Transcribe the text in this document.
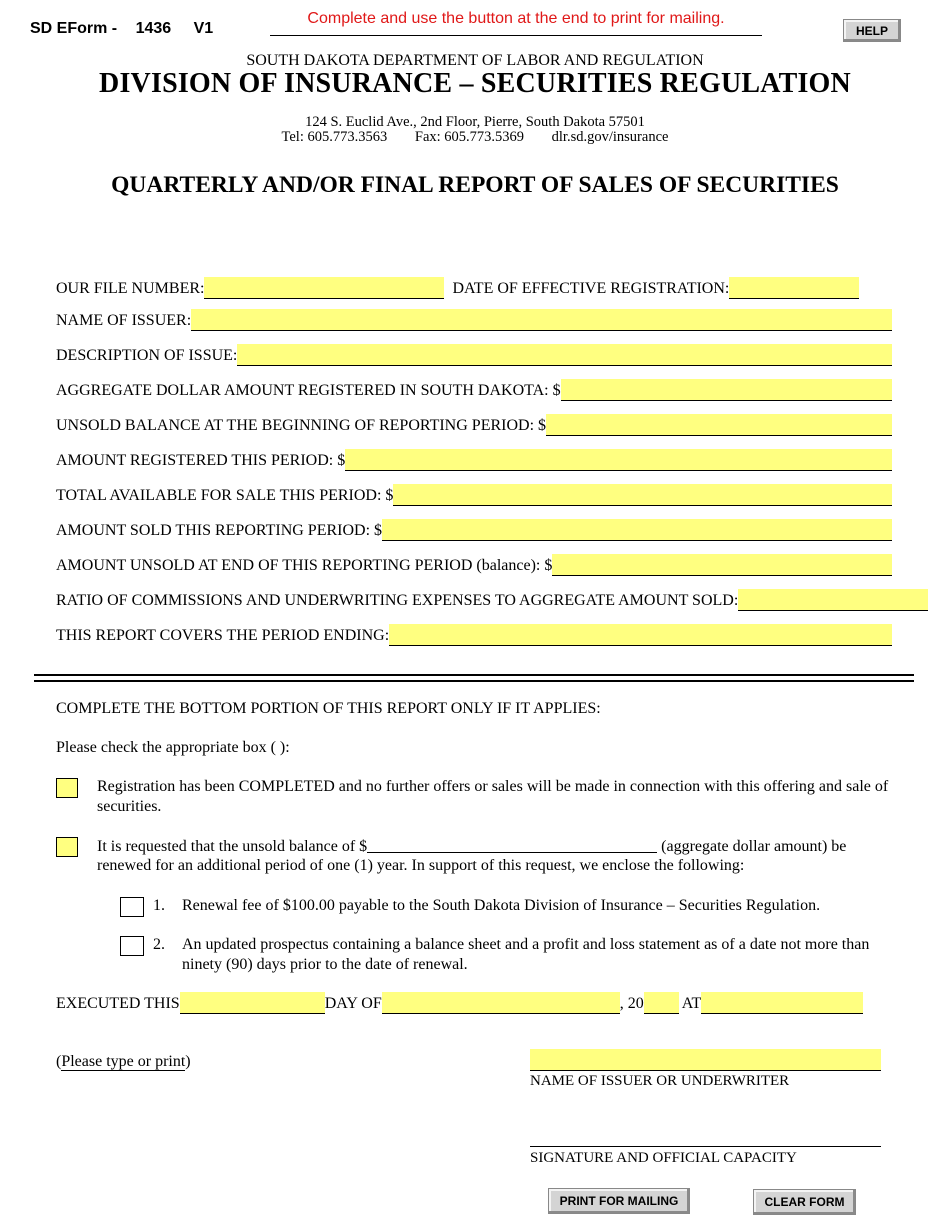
SD EForm - 1436 V1
Complete and use the button at the end to print for mailing.
HELP
SOUTH DAKOTA DEPARTMENT OF LABOR AND REGULATION
DIVISION OF INSURANCE – SECURITIES REGULATION
124 S. Euclid Ave., 2nd Floor, Pierre, South Dakota 57501
Tel: 605.773.3563 Fax: 605.773.5369 dlr.sd.gov/insurance
QUARTERLY AND/OR FINAL REPORT OF SALES OF SECURITIES
OUR FILE NUMBER:	DATE OF EFFECTIVE REGISTRATION:
NAME OF ISSUER:
DESCRIPTION OF ISSUE:
AGGREGATE DOLLAR AMOUNT REGISTERED IN SOUTH DAKOTA: $
UNSOLD BALANCE AT THE BEGINNING OF REPORTING PERIOD: $
AMOUNT REGISTERED THIS PERIOD: $
TOTAL AVAILABLE FOR SALE THIS PERIOD: $
AMOUNT SOLD THIS REPORTING PERIOD: $
AMOUNT UNSOLD AT END OF THIS REPORTING PERIOD (balance): $
RATIO OF COMMISSIONS AND UNDERWRITING EXPENSES TO AGGREGATE AMOUNT SOLD:
THIS REPORT COVERS THE PERIOD ENDING:
COMPLETE THE BOTTOM PORTION OF THIS REPORT ONLY IF IT APPLIES:
Please check the appropriate box ( ):
Registration has been COMPLETED and no further offers or sales will be made in connection with this offering and sale of securities.
It is requested that the unsold balance of $	(aggregate dollar amount) be
renewed for an additional period of one (1) year. In support of this request, we enclose the following:
1. Renewal fee of $100.00 payable to the South Dakota Division of Insurance – Securities Regulation.
2. An updated prospectus containing a balance sheet and a profit and loss statement as of a date not more than ninety (90) days prior to the date of renewal.
EXECUTED THIS	DAY OF	, 20 AT
(Please type or print)
NAME OF ISSUER OR UNDERWRITER
SIGNATURE AND OFFICIAL CAPACITY
PRINT FOR MAILING	CLEAR FORM
